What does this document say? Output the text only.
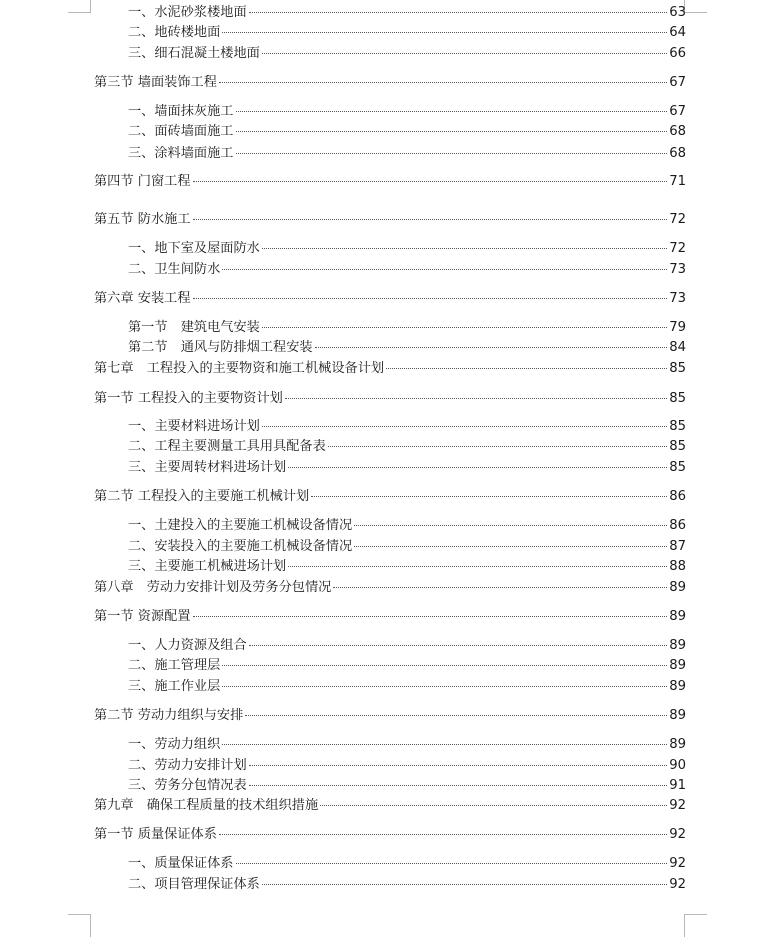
一、水泥砂浆楼地面	63
二、地砖楼地面	64
三、细石混凝土楼地面	66
第三节 墙面装饰工程	67
一、墙面抹灰施工	67
二、面砖墙面施工	68
三、涂料墙面施工	68
第四节 门窗工程	71
第五节 防水施工	72
一、地下室及屋面防水	72
二、卫生间防水	73
第六章 安装工程	73
第一节　建筑电气安装	79
第二节　通风与防排烟工程安装	84
第七章　工程投入的主要物资和施工机械设备计划	85
第一节 工程投入的主要物资计划	85
一、主要材料进场计划	85
二、工程主要测量工具用具配备表	85
三、主要周转材料进场计划	85
第二节 工程投入的主要施工机械计划	86
一、土建投入的主要施工机械设备情况	86
二、安装投入的主要施工机械设备情况	87
三、主要施工机械进场计划	88
第八章　劳动力安排计划及劳务分包情况	89
第一节 资源配置	89
一、人力资源及组合	89
二、施工管理层	89
三、施工作业层	89
第二节 劳动力组织与安排	89
一、劳动力组织	89
二、劳动力安排计划	90
三、劳务分包情况表	91
第九章　确保工程质量的技术组织措施	92
第一节 质量保证体系	92
一、质量保证体系	92
二、项目管理保证体系	92
